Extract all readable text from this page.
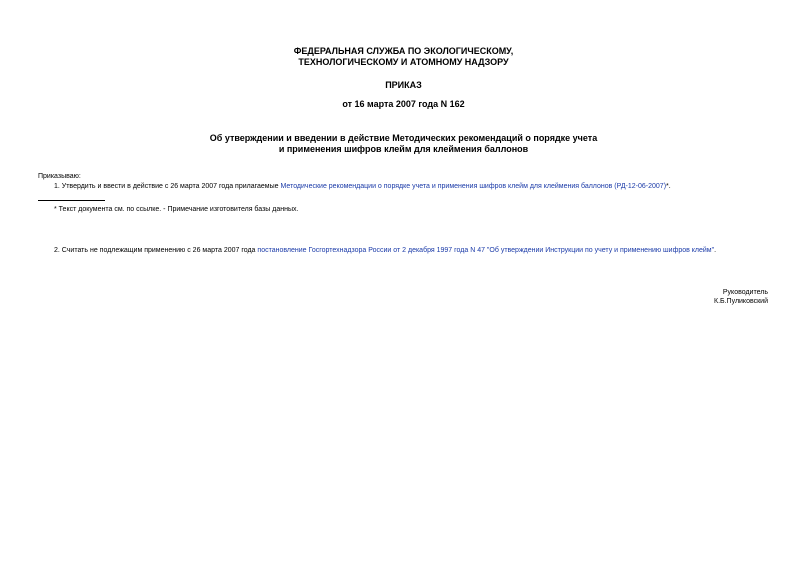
ФЕДЕРАЛЬНАЯ СЛУЖБА ПО ЭКОЛОГИЧЕСКОМУ,
ТЕХНОЛОГИЧЕСКОМУ И АТОМНОМУ НАДЗОРУ
ПРИКАЗ
от 16 марта 2007 года N 162
Об утверждении и введении в действие Методических рекомендаций о порядке учета
и применения шифров клейм для клеймения баллонов
Приказываю:
1. Утвердить и ввести в действие с 26 марта 2007 года прилагаемые Методические рекомендации о порядке учета и применения шифров клейм для клеймения баллонов (РД-12-06-2007)*.
* Текст документа см. по ссылке. - Примечание изготовителя базы данных.
2. Считать не подлежащим применению с 26 марта 2007 года постановление Госгортехнадзора России от 2 декабря 1997 года N 47 "Об утверждении Инструкции по учету и применению шифров клейм".
Руководитель
К.Б.Пуликовский
